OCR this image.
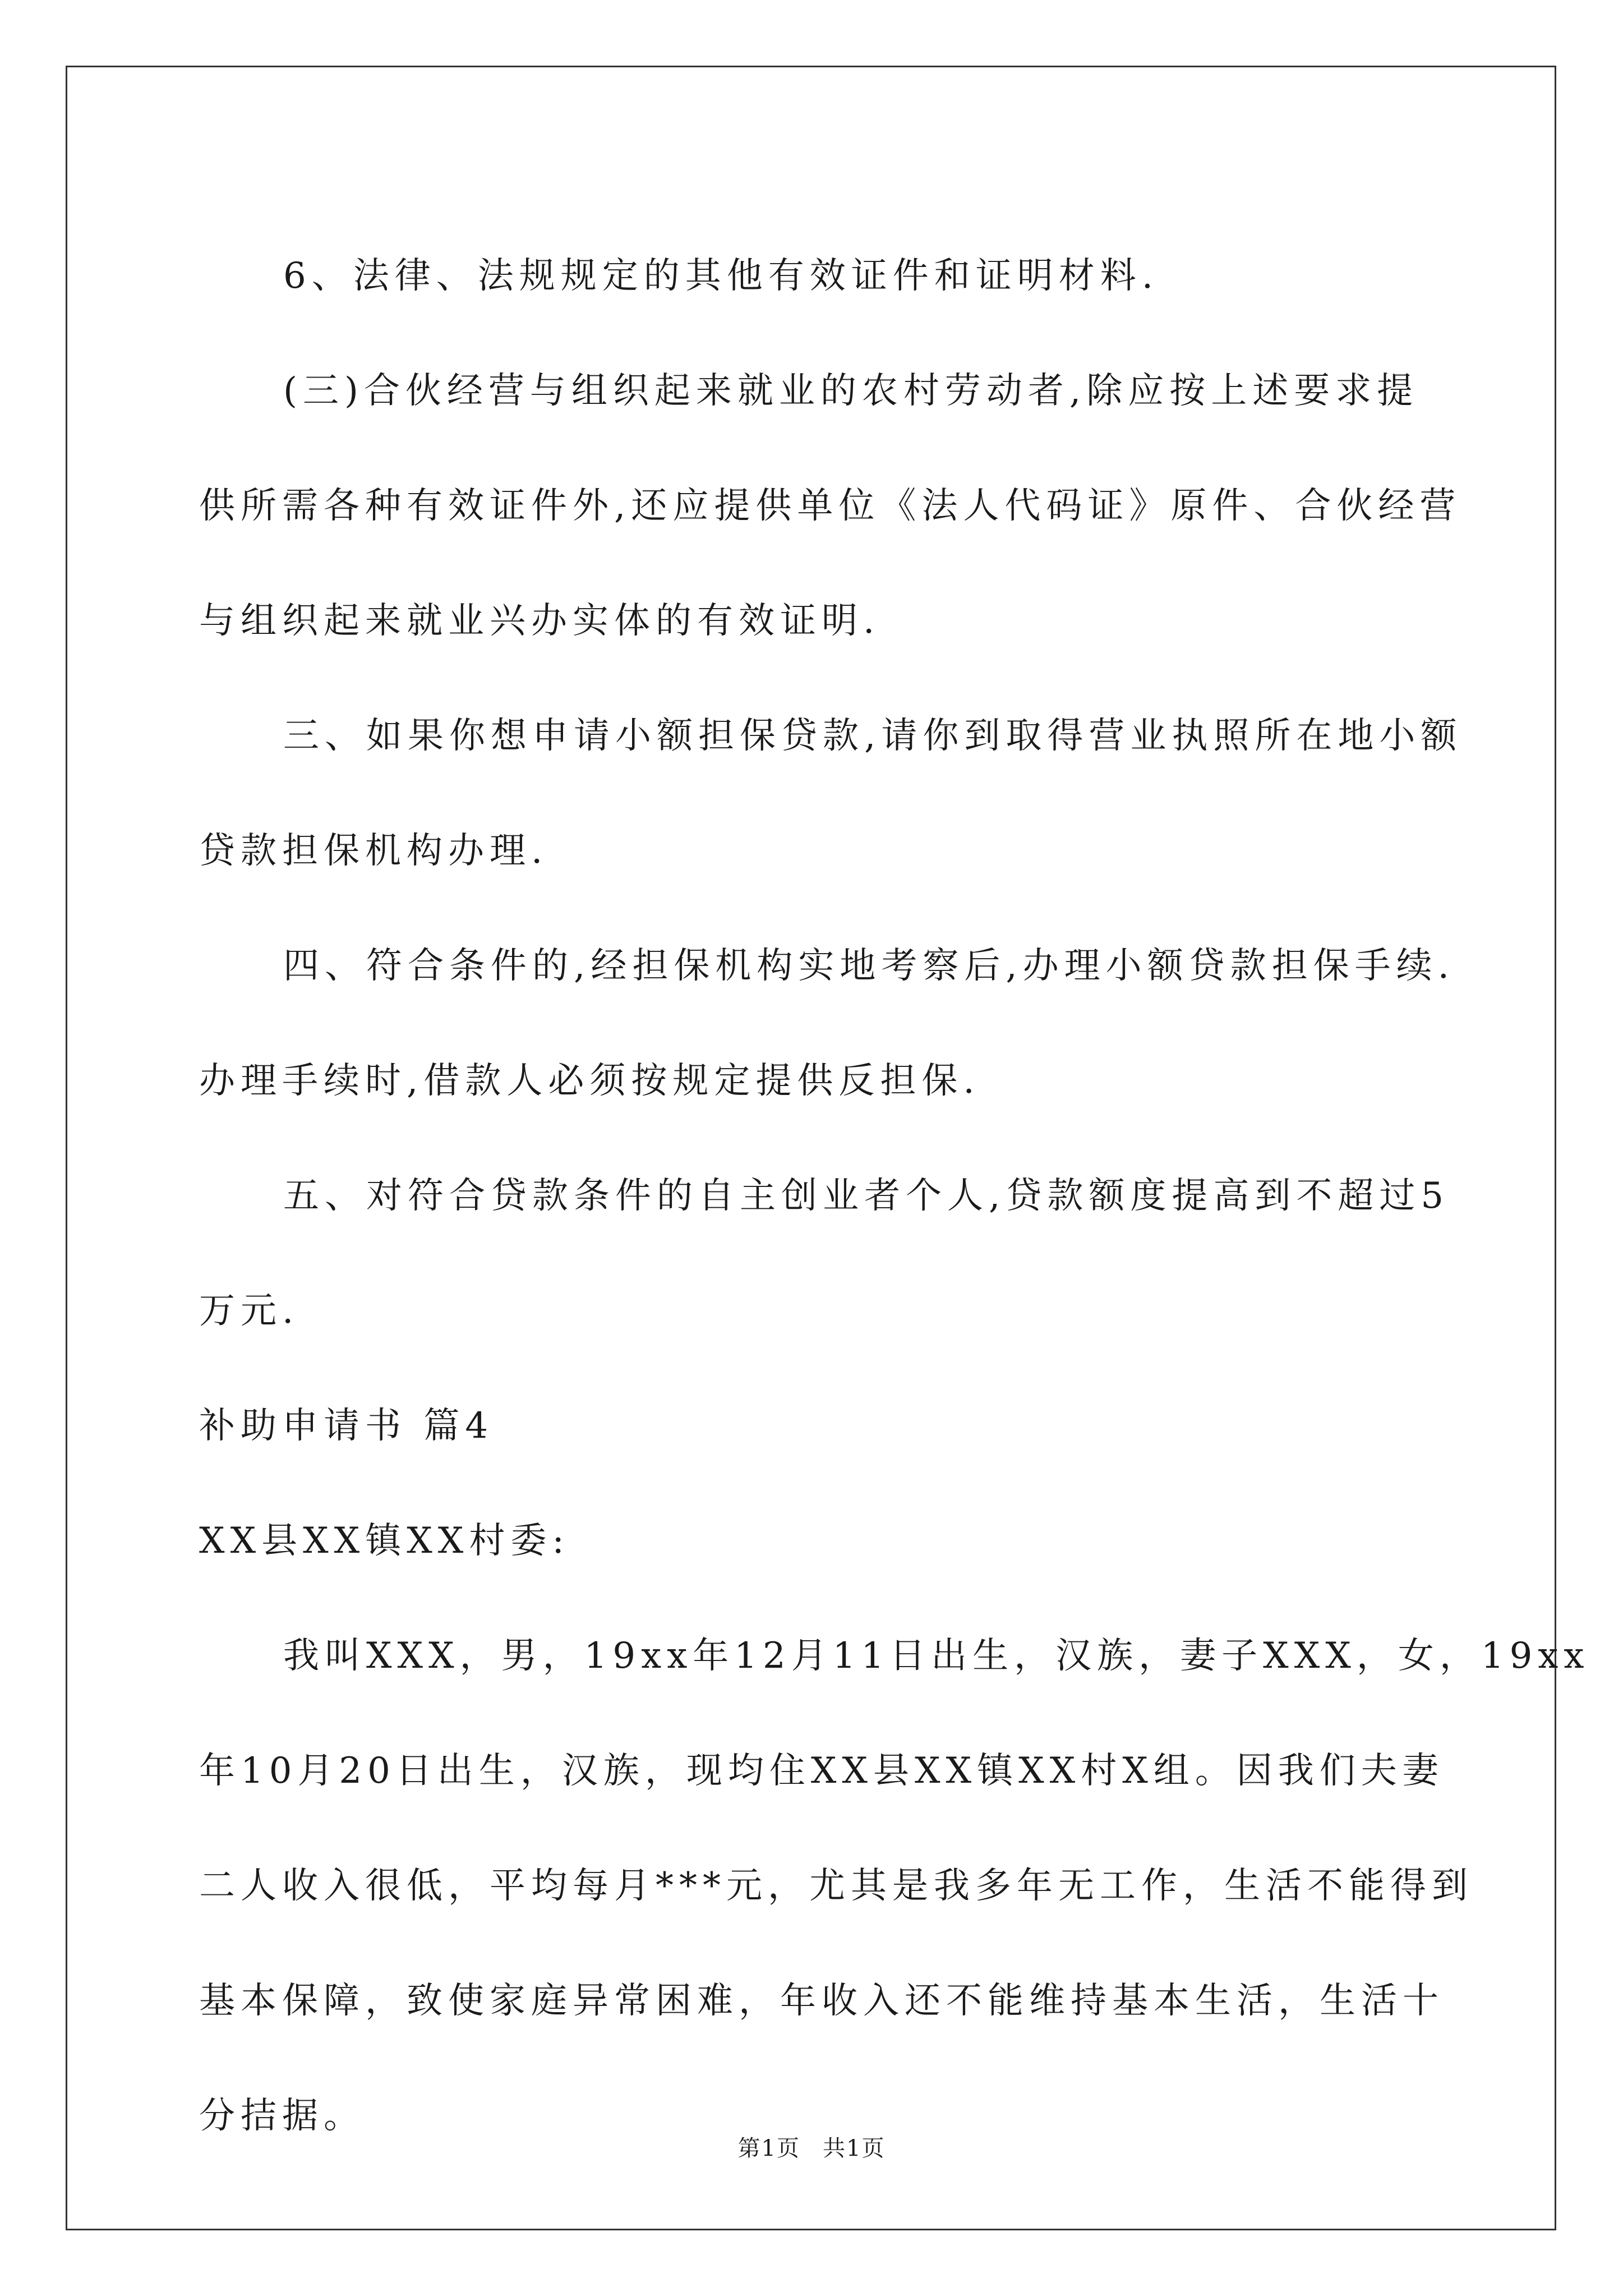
6、法律、法规规定的其他有效证件和证明材料.

(三)合伙经营与组织起来就业的农村劳动者,除应按上述要求提

供所需各种有效证件外,还应提供单位《法人代码证》原件、合伙经营

与组织起来就业兴办实体的有效证明.

三、如果你想申请小额担保贷款,请你到取得营业执照所在地小额

贷款担保机构办理.

四、符合条件的,经担保机构实地考察后,办理小额贷款担保手续.

办理手续时,借款人必须按规定提供反担保.

五、对符合贷款条件的自主创业者个人,贷款额度提高到不超过5

万元.

补助申请书 篇4

XX县XX镇XX村委:

我叫XXX，男，19xx年12月11日出生，汉族，妻子XXX，女，19xx

年10月20日出生，汉族，现均住XX县XX镇XX村X组。因我们夫妻

二人收入很低，平均每月***元，尤其是我多年无工作，生活不能得到

基本保障，致使家庭异常困难，年收入还不能维持基本生活，生活十

分拮据。

第1页 共1页
